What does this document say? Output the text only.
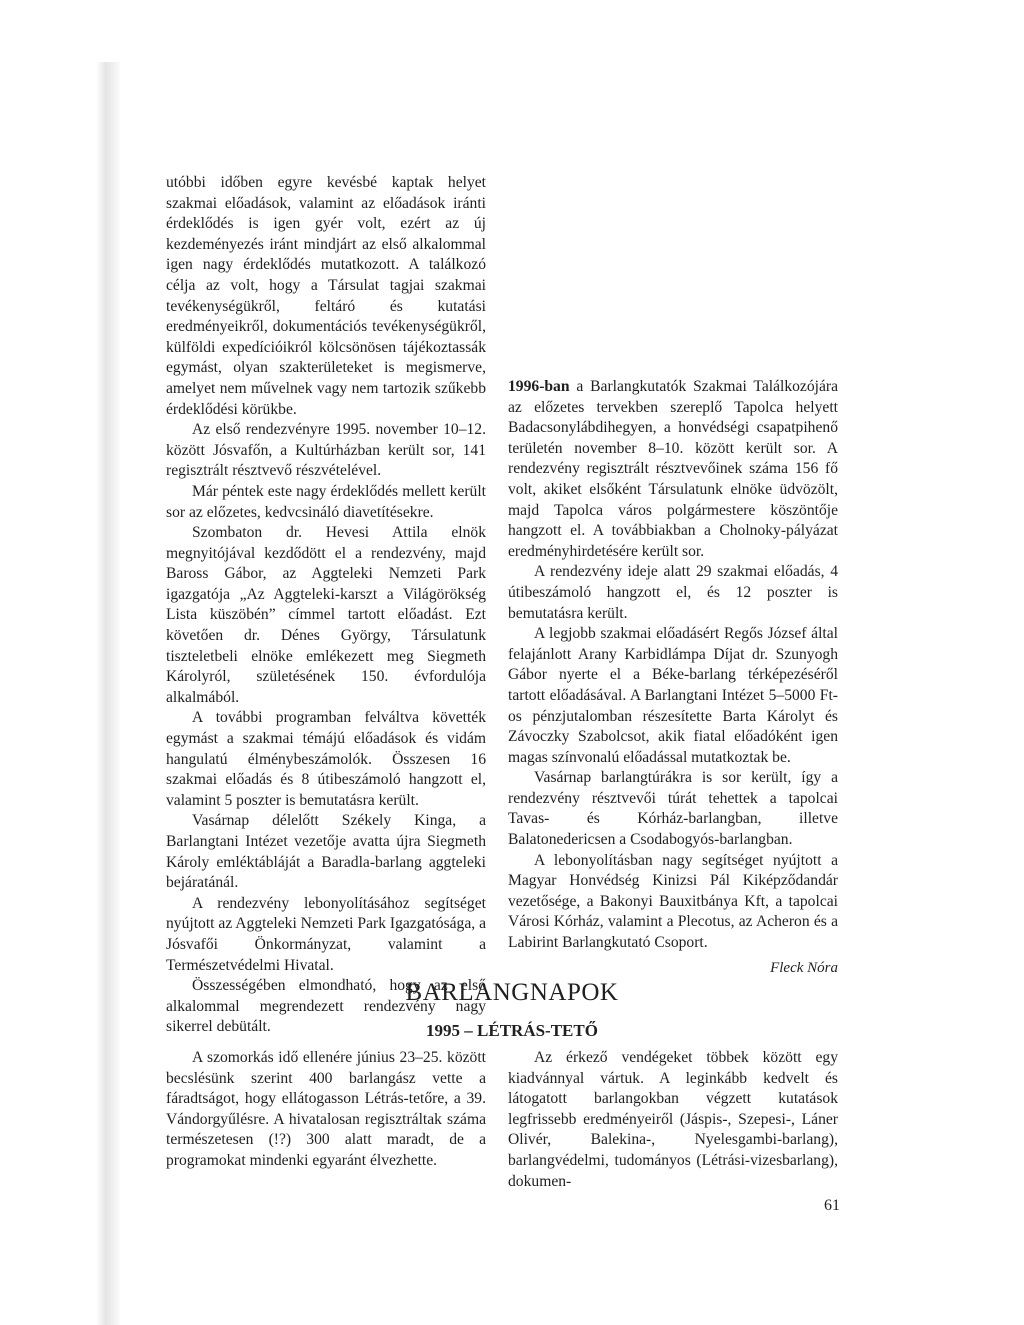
utóbbi időben egyre kevésbé kaptak helyet szakmai előadások, valamint az előadások iránti érdeklődés is igen gyér volt, ezért az új kezdeményezés iránt mindjárt az első alkalommal igen nagy érdeklődés mutatkozott. A találkozó célja az volt, hogy a Társulat tagjai szakmai tevékenységükről, feltáró és kutatási eredményeikről, dokumentációs tevékenységükről, külföldi expedícióikról kölcsönösen tájékoztassák egymást, olyan szakterületeket is megismerve, amelyet nem művelnek vagy nem tartozik szűkebb érdeklődési körükbe.

Az első rendezvényre 1995. november 10–12. között Jósvafőn, a Kultúrházban került sor, 141 regisztrált résztvevő részvételével.

Már péntek este nagy érdeklődés mellett került sor az előzetes, kedvcsináló diavetítésekre.

Szombaton dr. Hevesi Attila elnök megnyitójával kezdődött el a rendezvény, majd Baross Gábor, az Aggteleki Nemzeti Park igazgatója „Az Aggteleki-karszt a Világörökség Lista küszöbén” címmel tartott előadást. Ezt követően dr. Dénes György, Társulatunk tiszteletbeli elnöke emlékezett meg Siegmeth Károlyról, születésének 150. évfordulója alkalmából.

A további programban felváltva követték egymást a szakmai témájú előadások és vidám hangulatú élménybeszámolók. Összesen 16 szakmai előadás és 8 útibeszámoló hangzott el, valamint 5 poszter is bemutatásra került.

Vasárnap délelőtt Székely Kinga, a Barlangtani Intézet vezetője avatta újra Siegmeth Károly emléktábláját a Baradla-barlang aggteleki bejáratánál.

A rendezvény lebonyolításához segítséget nyújtott az Aggteleki Nemzeti Park Igazgatósága, a Jósvafői Önkormányzat, valamint a Természetvédelmi Hivatal.

Összességében elmondható, hogy az első alkalommal megrendezett rendezvény nagy sikerrel debütált.

1996-ban a Barlangkutatók Szakmai Találkozójára az előzetes tervekben szereplő Tapolca helyett Badacsonylábdihegyen, a honvédségi csapatpihenő területén november 8–10. között került sor. A rendezvény regisztrált résztvevőinek száma 156 fő volt, akiket elsőként Társulatunk elnöke üdvözölt, majd Tapolca város polgármestere köszöntője hangzott el. A továbbiakban a Cholnoky-pályázat eredményhirdetésére került sor.

A rendezvény ideje alatt 29 szakmai előadás, 4 útibeszámoló hangzott el, és 12 poszter is bemutatásra került.

A legjobb szakmai előadásért Regős József által felajánlott Arany Karbidlámpa Díjat dr. Szunyogh Gábor nyerte el a Béke-barlang térképezéséről tartott előadásával. A Barlangtani Intézet 5–5000 Ft-os pénzjutalomban részesítette Barta Károlyt és Závoczky Szabolcsot, akik fiatal előadóként igen magas színvonalú előadással mutatkoztak be.

Vasárnap barlangtúrákra is sor került, így a rendezvény résztvevői túrát tehettek a tapolcai Tavas- és Kórház-barlangban, illetve Balatonedericsen a Csodabogyós-barlangban.

A lebonyolításban nagy segítséget nyújtott a Magyar Honvédség Kinizsi Pál Kiképződandár vezetősége, a Bakonyi Bauxitbánya Kft, a tapolcai Városi Kórház, valamint a Plecotus, az Acheron és a Labirint Barlangkutató Csoport.

Fleck Nóra
BARLANGNAPOK
1995 – LÉTRÁS-TETŐ

A szomorkás idő ellenére június 23–25. között becslésünk szerint 400 barlangász vette a fáradtságot, hogy ellátogasson Létrás-tetőre, a 39. Vándorgyűlésre. A hivatalosan regisztráltak száma természetesen (!?) 300 alatt maradt, de a programokat mindenki egyaránt élvezhette.

Az érkező vendégeket többek között egy kiadvánnyal vártuk. A leginkább kedvelt és látogatott barlangokban végzett kutatások legfrissebb eredményeiről (Jáspis-, Szepesi-, Láner Olivér, Balekina-, Nyelesgambi-barlang), barlangvédelmi, tudományos (Létrási-vizesbarlang), dokumen-

61
